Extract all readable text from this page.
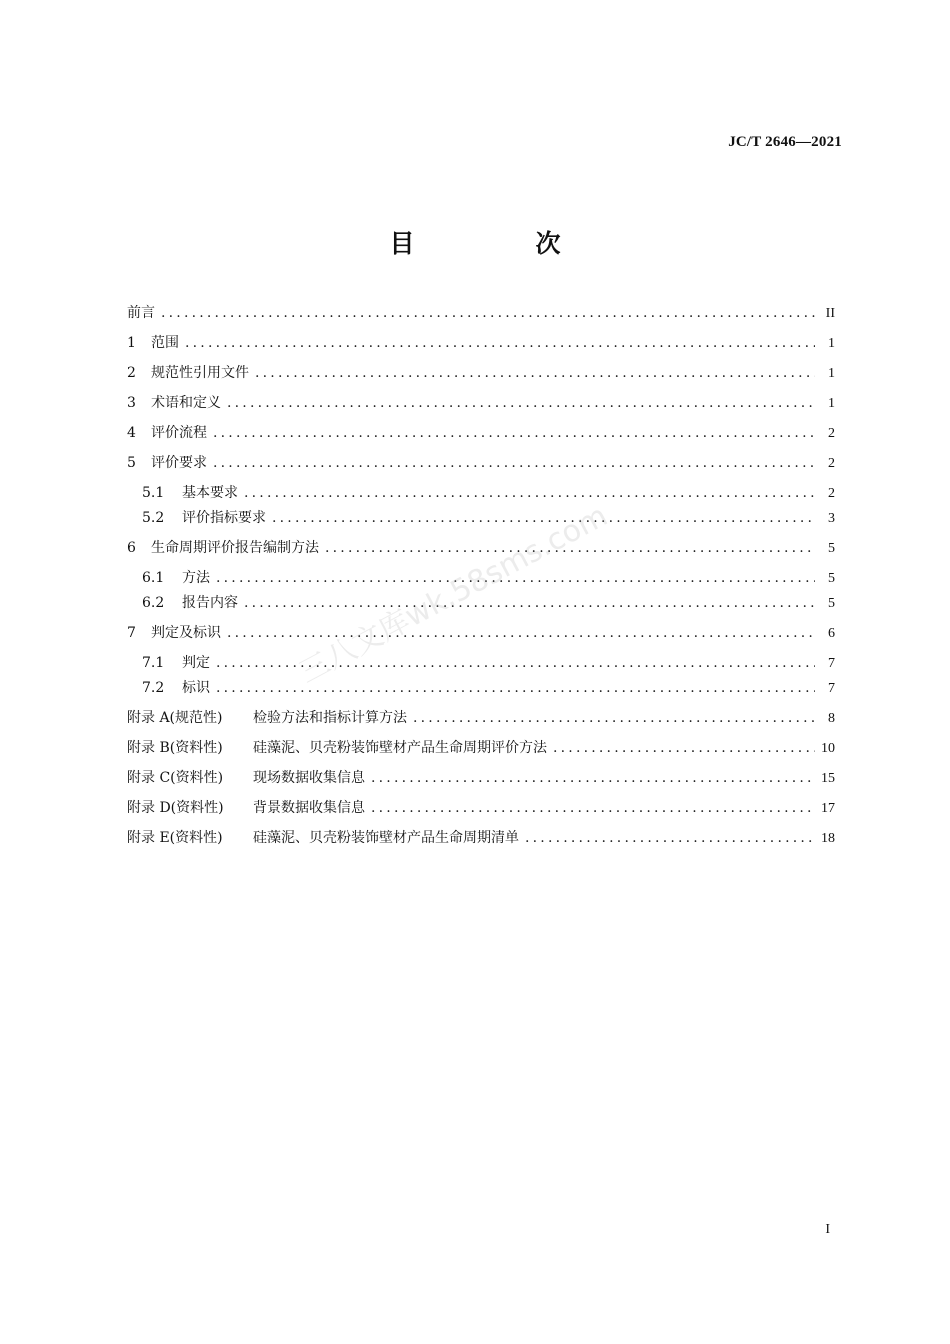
JC/T 2646—2021
目　次
前言 .....	II
1	范围 .....	1
2	规范性引用文件 .....	1
3	术语和定义 .....	1
4	评价流程 .....	2
5	评价要求 .....	2
5.1	基本要求 .....	2
5.2	评价指标要求 .....	3
6	生命周期评价报告编制方法 .....	5
6.1	方法 .....	5
6.2	报告内容 .....	5
7	判定及标识 .....	6
7.1	判定 .....	7
7.2	标识 .....	7
附录 A(规范性)	检验方法和指标计算方法 .....	8
附录 B(资料性)	硅藻泥、贝壳粉装饰壁材产品生命周期评价方法 .....	10
附录 C(资料性)	现场数据收集信息 .....	15
附录 D(资料性)	背景数据收集信息 .....	17
附录 E(资料性)	硅藻泥、贝壳粉装饰壁材产品生命周期清单 .....	18
三八文库wk.58sms.com
I
